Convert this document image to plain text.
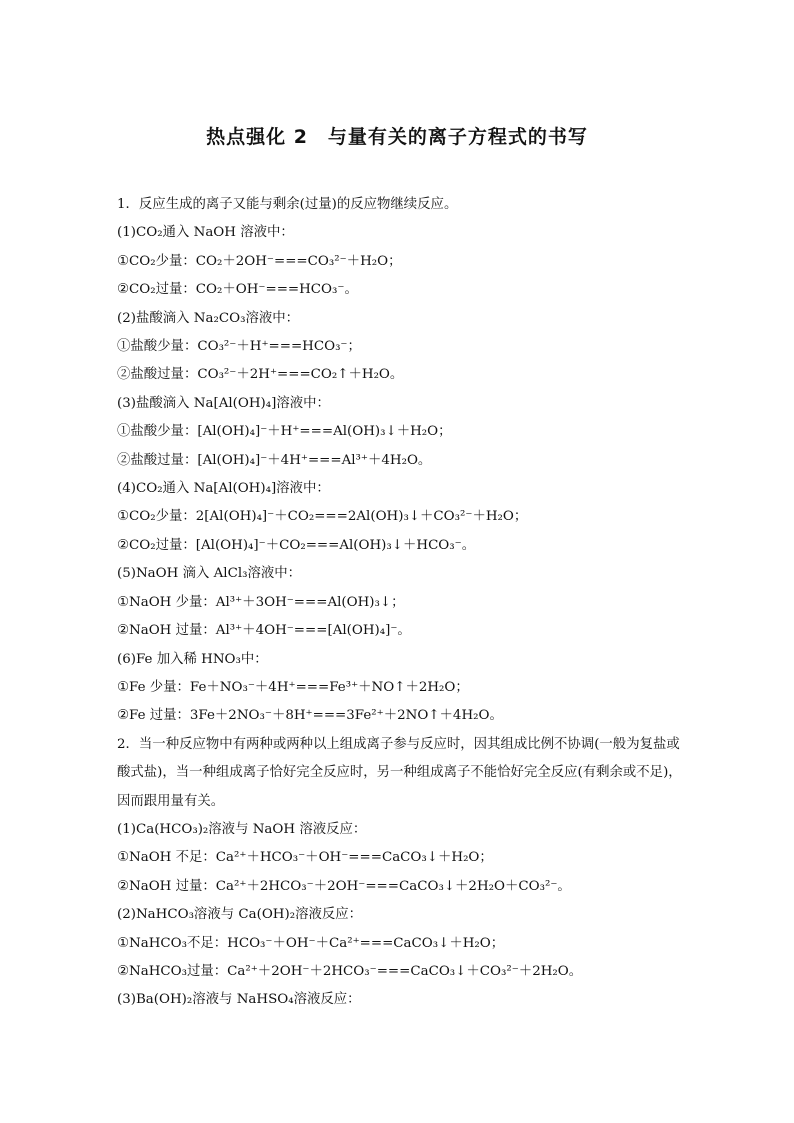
热点强化 2　与量有关的离子方程式的书写
1．反应生成的离子又能与剩余(过量)的反应物继续反应。
(1)CO₂通入 NaOH 溶液中：
①CO₂少量：CO₂＋2OH⁻===CO₃²⁻＋H₂O；
②CO₂过量：CO₂＋OH⁻===HCO₃⁻。
(2)盐酸滴入 Na₂CO₃溶液中：
①盐酸少量：CO₃²⁻＋H⁺===HCO₃⁻；
②盐酸过量：CO₃²⁻＋2H⁺===CO₂↑＋H₂O。
(3)盐酸滴入 Na[Al(OH)₄]溶液中：
①盐酸少量：[Al(OH)₄]⁻＋H⁺===Al(OH)₃↓＋H₂O；
②盐酸过量：[Al(OH)₄]⁻＋4H⁺===Al³⁺＋4H₂O。
(4)CO₂通入 Na[Al(OH)₄]溶液中：
①CO₂少量：2[Al(OH)₄]⁻＋CO₂===2Al(OH)₃↓＋CO₃²⁻＋H₂O；
②CO₂过量：[Al(OH)₄]⁻＋CO₂===Al(OH)₃↓＋HCO₃⁻。
(5)NaOH 滴入 AlCl₃溶液中：
①NaOH 少量：Al³⁺＋3OH⁻===Al(OH)₃↓；
②NaOH 过量：Al³⁺＋4OH⁻===[Al(OH)₄]⁻。
(6)Fe 加入稀 HNO₃中：
①Fe 少量：Fe＋NO₃⁻＋4H⁺===Fe³⁺＋NO↑＋2H₂O；
②Fe 过量：3Fe＋2NO₃⁻＋8H⁺===3Fe²⁺＋2NO↑＋4H₂O。
2．当一种反应物中有两种或两种以上组成离子参与反应时，因其组成比例不协调(一般为复盐或酸式盐)，当一种组成离子恰好完全反应时，另一种组成离子不能恰好完全反应(有剩余或不足)，因而跟用量有关。
(1)Ca(HCO₃)₂溶液与 NaOH 溶液反应：
①NaOH 不足：Ca²⁺＋HCO₃⁻＋OH⁻===CaCO₃↓＋H₂O；
②NaOH 过量：Ca²⁺＋2HCO₃⁻＋2OH⁻===CaCO₃↓＋2H₂O＋CO₃²⁻。
(2)NaHCO₃溶液与 Ca(OH)₂溶液反应：
①NaHCO₃不足：HCO₃⁻＋OH⁻＋Ca²⁺===CaCO₃↓＋H₂O；
②NaHCO₃过量：Ca²⁺＋2OH⁻＋2HCO₃⁻===CaCO₃↓＋CO₃²⁻＋2H₂O。
(3)Ba(OH)₂溶液与 NaHSO₄溶液反应：
